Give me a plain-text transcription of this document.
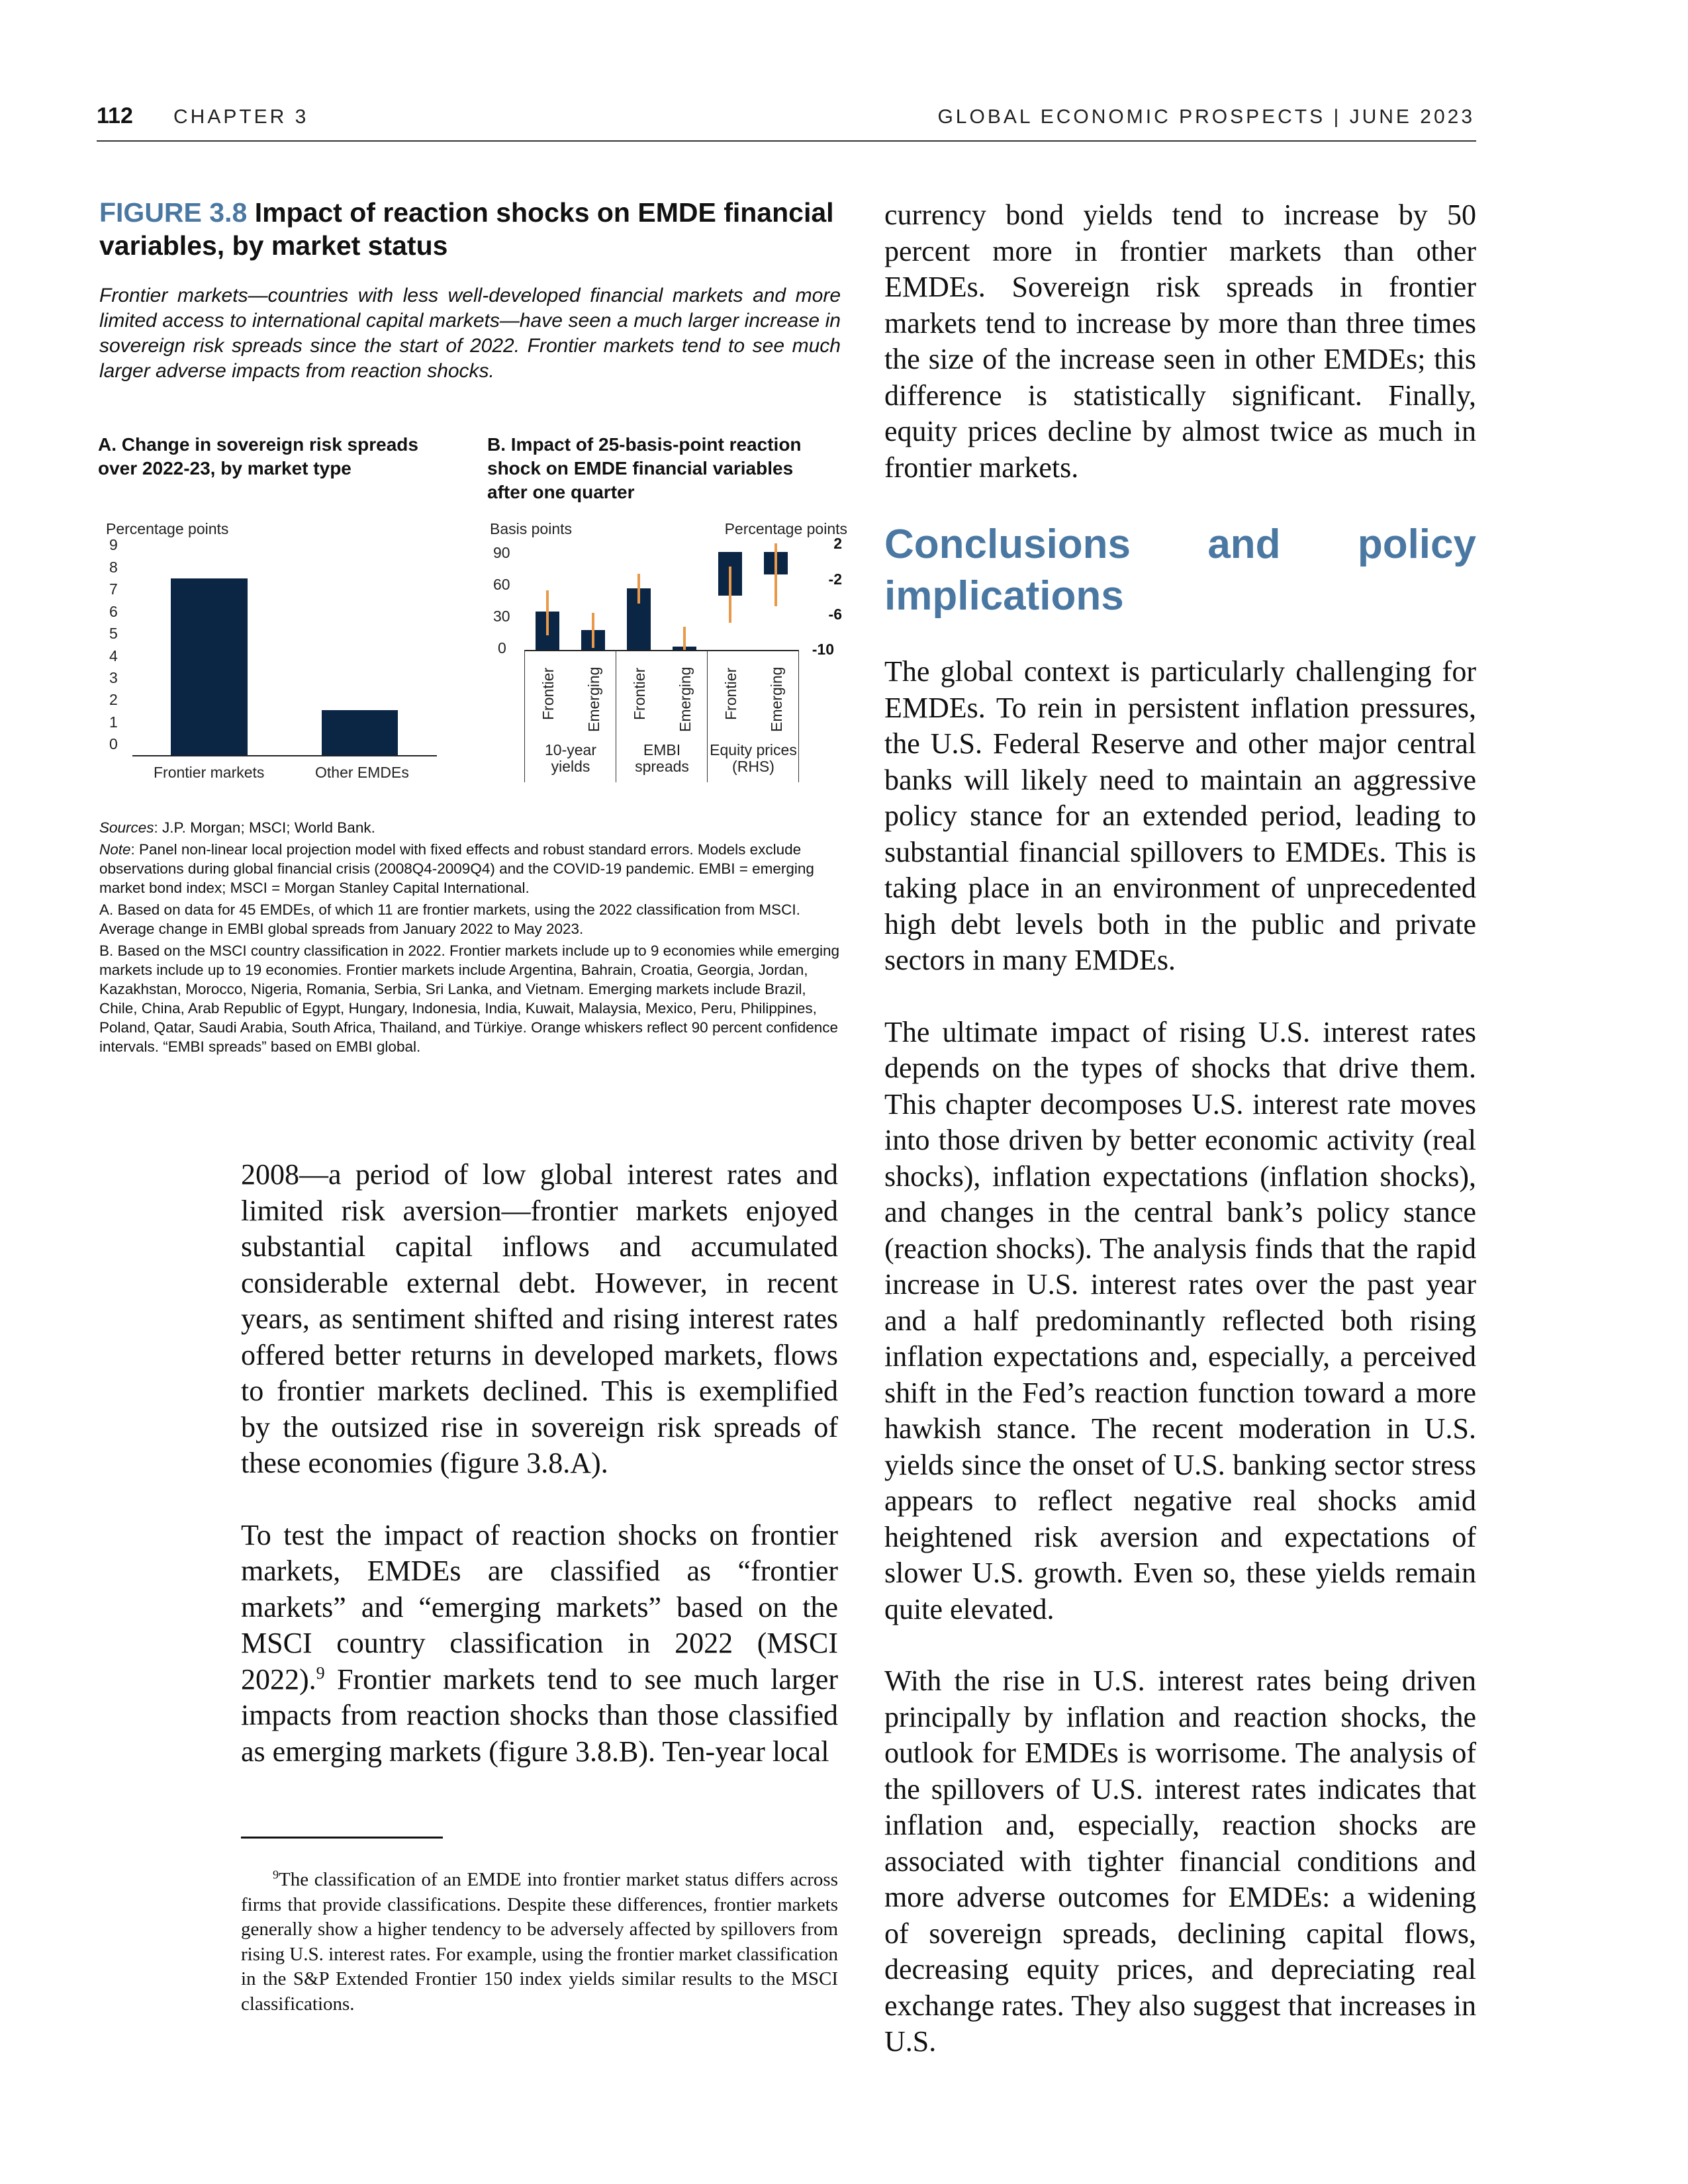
112 CHAPTER 3	GLOBAL ECONOMIC PROSPECTS | JUNE 2023
FIGURE 3.8 Impact of reaction shocks on EMDE financial variables, by market status
Frontier markets—countries with less well-developed financial markets and more limited access to international capital markets—have seen a much larger increase in sovereign risk spreads since the start of 2022. Frontier markets tend to see much larger adverse impacts from reaction shocks.
A. Change in sovereign risk spreads over 2022-23, by market type
B. Impact of 25-basis-point reaction shock on EMDE financial variables after one quarter
Percentage points
9
8
7
6
5
4
3
2
1
0
Frontier markets	Other EMDEs
Basis points	Percentage points
90
60
30
0
2
-2
-6
-10
Frontier Emerging Frontier Emerging Frontier Emerging
10-year yields
EMBI spreads
Equity prices (RHS)

Sources: J.P. Morgan; MSCI; World Bank.

Note: Panel non-linear local projection model with fixed effects and robust standard errors. Models exclude observations during global financial crisis (2008Q4-2009Q4) and the COVID-19 pandemic. EMBI = emerging market bond index; MSCI = Morgan Stanley Capital International.

A. Based on data for 45 EMDEs, of which 11 are frontier markets, using the 2022 classification from MSCI. Average change in EMBI global spreads from January 2022 to May 2023.

B. Based on the MSCI country classification in 2022. Frontier markets include up to 9 economies while emerging markets include up to 19 economies. Frontier markets include Argentina, Bahrain, Croatia, Georgia, Jordan, Kazakhstan, Morocco, Nigeria, Romania, Serbia, Sri Lanka, and Vietnam. Emerging markets include Brazil, Chile, China, Arab Republic of Egypt, Hungary, Indonesia, India, Kuwait, Malaysia, Mexico, Peru, Philippines, Poland, Qatar, Saudi Arabia, South Africa, Thailand, and Türkiye. Orange whiskers reflect 90 percent confidence intervals. “EMBI spreads” based on EMBI global.

2008—a period of low global interest rates and limited risk aversion—frontier markets enjoyed substantial capital inflows and accumulated considerable external debt. However, in recent years, as sentiment shifted and rising interest rates offered better returns in developed markets, flows to frontier markets declined. This is exemplified by the outsized rise in sovereign risk spreads of these economies (figure 3.8.A).

To test the impact of reaction shocks on frontier markets, EMDEs are classified as “frontier markets” and “emerging markets” based on the MSCI country classification in 2022 (MSCI 2022).$^9$ Frontier markets tend to see much larger impacts from reaction shocks than those classified as emerging markets (figure 3.8.B). Ten-year local

$^9$The classification of an EMDE into frontier market status differs across firms that provide classifications. Despite these differences, frontier markets generally show a higher tendency to be adversely affected by spillovers from rising U.S. interest rates. For example, using the frontier market classification in the S&P Extended Frontier 150 index yields similar results to the MSCI classifications.

currency bond yields tend to increase by 50 percent more in frontier markets than other EMDEs. Sovereign risk spreads in frontier markets tend to increase by more than three times the size of the increase seen in other EMDEs; this difference is statistically significant. Finally, equity prices decline by almost twice as much in frontier markets.

Conclusions and policy implications

The global context is particularly challenging for EMDEs. To rein in persistent inflation pressures, the U.S. Federal Reserve and other major central banks will likely need to maintain an aggressive policy stance for an extended period, leading to substantial financial spillovers to EMDEs. This is taking place in an environment of unprecedented high debt levels both in the public and private sectors in many EMDEs.

The ultimate impact of rising U.S. interest rates depends on the types of shocks that drive them. This chapter decomposes U.S. interest rate moves into those driven by better economic activity (real shocks), inflation expectations (inflation shocks), and changes in the central bank’s policy stance (reaction shocks). The analysis finds that the rapid increase in U.S. interest rates over the past year and a half predominantly reflected both rising inflation expectations and, especially, a perceived shift in the Fed’s reaction function toward a more hawkish stance. The recent moderation in U.S. yields since the onset of U.S. banking sector stress appears to reflect negative real shocks amid heightened risk aversion and expectations of slower U.S. growth. Even so, these yields remain quite elevated.

With the rise in U.S. interest rates being driven principally by inflation and reaction shocks, the outlook for EMDEs is worrisome. The analysis of the spillovers of U.S. interest rates indicates that inflation and, especially, reaction shocks are associated with tighter financial conditions and more adverse outcomes for EMDEs: a widening of sovereign spreads, declining capital flows, decreasing equity prices, and depreciating real exchange rates. They also suggest that increases in U.S.
